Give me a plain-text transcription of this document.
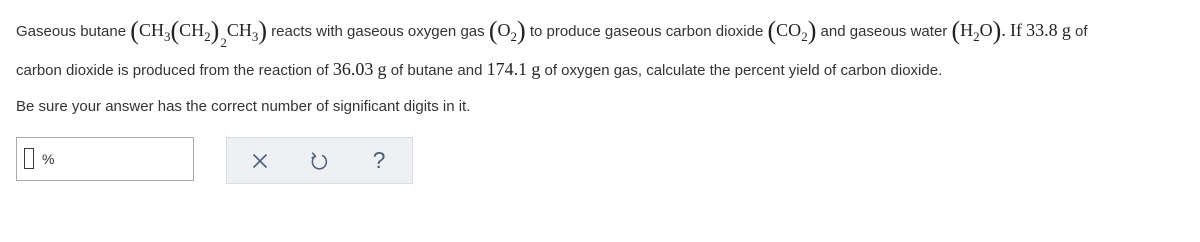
Gaseous butane $(CH_3(CH_2)_2CH_3)$ reacts with gaseous oxygen gas $(O_2)$ to produce gaseous carbon dioxide $(CO_2)$ and gaseous water $(H_2O)$. If 33.8 g of
carbon dioxide is produced from the reaction of 36.03 g of butane and 174.1 g of oxygen gas, calculate the percent yield of carbon dioxide.
Be sure your answer has the correct number of significant digits in it.
%	?
